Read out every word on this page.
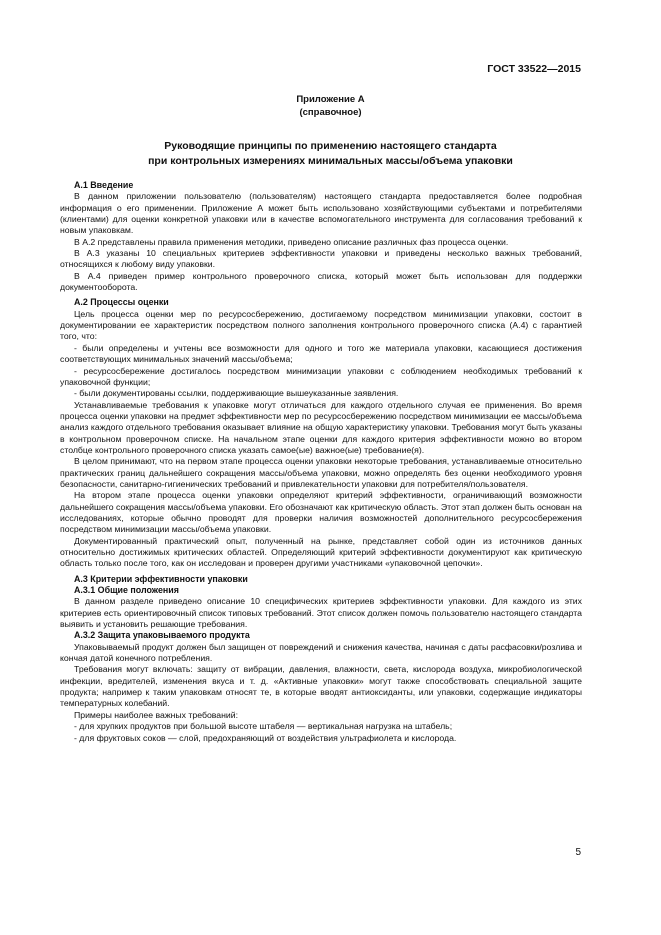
ГОСТ 33522—2015
Приложение А
(справочное)
Руководящие принципы по применению настоящего стандарта
при контрольных измерениях минимальных массы/объема упаковки
А.1 Введение

В данном приложении пользователю (пользователям) настоящего стандарта предоставляется более подробная информация о его применении. Приложение А может быть использовано хозяйствующими субъектами и потребителями (клиентами) для оценки конкретной упаковки или в качестве вспомогательного инструмента для согласования требований к новым упаковкам.

В А.2 представлены правила применения методики, приведено описание различных фаз процесса оценки.

В А.3 указаны 10 специальных критериев эффективности упаковки и приведены несколько важных требований, относящихся к любому виду упаковки.

В А.4 приведен пример контрольного проверочного списка, который может быть использован для поддержки документооборота.

А.2 Процессы оценки

Цель процесса оценки мер по ресурсосбережению, достигаемому посредством минимизации упаковки, состоит в документировании ее характеристик посредством полного заполнения контрольного проверочного списка (А.4) с гарантией того, что:

- были определены и учтены все возможности для одного и того же материала упаковки, касающиеся достижения соответствующих минимальных значений массы/объема;

- ресурсосбережение достигалось посредством минимизации упаковки с соблюдением необходимых требований к упаковочной функции;

- были документированы ссылки, поддерживающие вышеуказанные заявления.

Устанавливаемые требования к упаковке могут отличаться для каждого отдельного случая ее применения. Во время процесса оценки упаковки на предмет эффективности мер по ресурсосбережению посредством минимизации ее массы/объема анализ каждого отдельного требования оказывает влияние на общую характеристику упаковки. Требования могут быть указаны в контрольном проверочном списке. На начальном этапе оценки для каждого критерия эффективности можно во втором столбце контрольного проверочного списка указать самое(ые) важное(ые) требование(я).

В целом принимают, что на первом этапе процесса оценки упаковки некоторые требования, устанавливаемые относительно практических границ дальнейшего сокращения массы/объема упаковки, можно определять без оценки необходимого уровня безопасности, санитарно-гигиенических требований и привлекательности упаковки для потребителя/пользователя.

На втором этапе процесса оценки упаковки определяют критерий эффективности, ограничивающий возможности дальнейшего сокращения массы/объема упаковки. Его обозначают как критическую область. Этот этап должен быть основан на исследованиях, которые обычно проводят для проверки наличия возможностей дополнительного ресурсосбережения посредством минимизации массы/объема упаковки.

Документированный практический опыт, полученный на рынке, представляет собой один из источников данных относительно достижимых критических областей. Определяющий критерий эффективности документируют как критическую область только после того, как он исследован и проверен другими участниками «упаковочной цепочки».

А.3 Критерии эффективности упаковки
А.3.1 Общие положения

В данном разделе приведено описание 10 специфических критериев эффективности упаковки. Для каждого из этих критериев есть ориентировочный список типовых требований. Этот список должен помочь пользователю настоящего стандарта выявить и установить решающие требования.

А.3.2 Защита упаковываемого продукта

Упаковываемый продукт должен был защищен от повреждений и снижения качества, начиная с даты расфасовки/розлива и кончая датой конечного потребления.

Требования могут включать: защиту от вибрации, давления, влажности, света, кислорода воздуха, микробиологической инфекции, вредителей, изменения вкуса и т. д. «Активные упаковки» могут также способствовать специальной защите продукта; например к таким упаковкам относят те, в которые вводят антиоксиданты, или упаковки, содержащие индикаторы температурных колебаний.

Примеры наиболее важных требований:

- для хрупких продуктов при большой высоте штабеля — вертикальная нагрузка на штабель;

- для фруктовых соков — слой, предохраняющий от воздействия ультрафиолета и кислорода.

5
